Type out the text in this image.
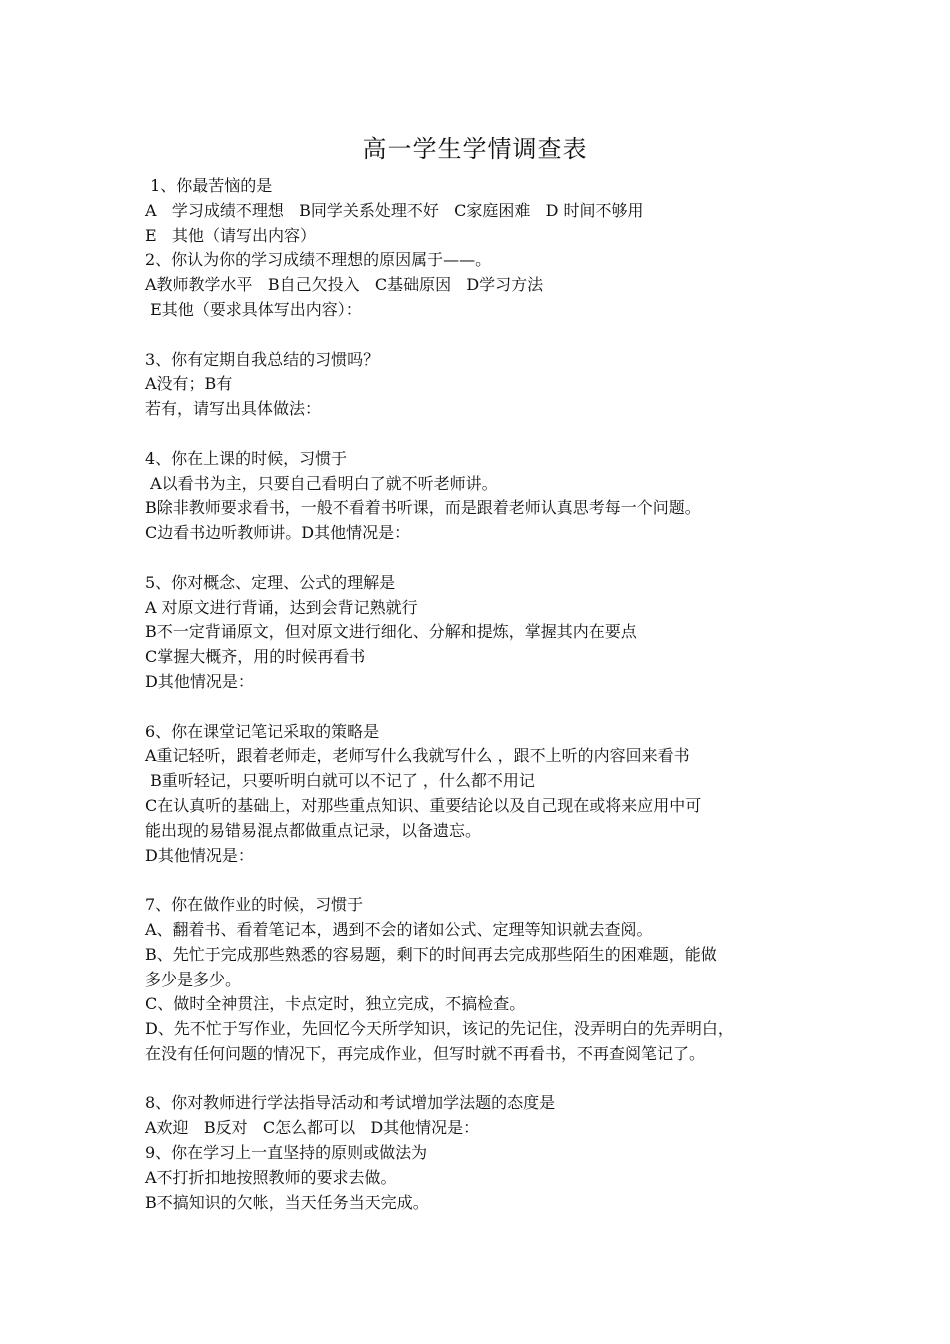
高一学生学情调查表
1、你最苦恼的是
A   学习成绩不理想   B同学关系处理不好   C家庭困难   D 时间不够用
E   其他（请写出内容）
2、你认为你的学习成绩不理想的原因属于——。
A教师教学水平   B自己欠投入   C基础原因   D学习方法
E其他（要求具体写出内容）：
3、你有定期自我总结的习惯吗？
A没有；B有
若有，请写出具体做法：
4、你在上课的时候，习惯于
A以看书为主，只要自己看明白了就不听老师讲。
B除非教师要求看书，一般不看着书听课，而是跟着老师认真思考每一个问题。
C边看书边听教师讲。D其他情况是：
5、你对概念、定理、公式的理解是
A 对原文进行背诵，达到会背记熟就行
B不一定背诵原文，但对原文进行细化、分解和提炼，掌握其内在要点
C掌握大概齐，用的时候再看书
D其他情况是：
6、你在课堂记笔记采取的策略是
A重记轻听，跟着老师走，老师写什么我就写什么 ，跟不上听的内容回来看书
B重听轻记，只要听明白就可以不记了 ，什么都不用记
C在认真听的基础上，对那些重点知识、重要结论以及自己现在或将来应用中可
能出现的易错易混点都做重点记录，以备遗忘。
D其他情况是：
7、你在做作业的时候，习惯于
A、翻着书、看着笔记本，遇到不会的诸如公式、定理等知识就去查阅。
B、先忙于完成那些熟悉的容易题，剩下的时间再去完成那些陌生的困难题，能做
多少是多少。
C、做时全神贯注，卡点定时，独立完成，不搞检查。
D、先不忙于写作业，先回忆今天所学知识，该记的先记住，没弄明白的先弄明白，
在没有任何问题的情况下，再完成作业，但写时就不再看书，不再查阅笔记了。
8、你对教师进行学法指导活动和考试增加学法题的态度是
A欢迎   B反对   C怎么都可以   D其他情况是：
9、你在学习上一直坚持的原则或做法为
A不打折扣地按照教师的要求去做。
B不搞知识的欠帐，当天任务当天完成。
